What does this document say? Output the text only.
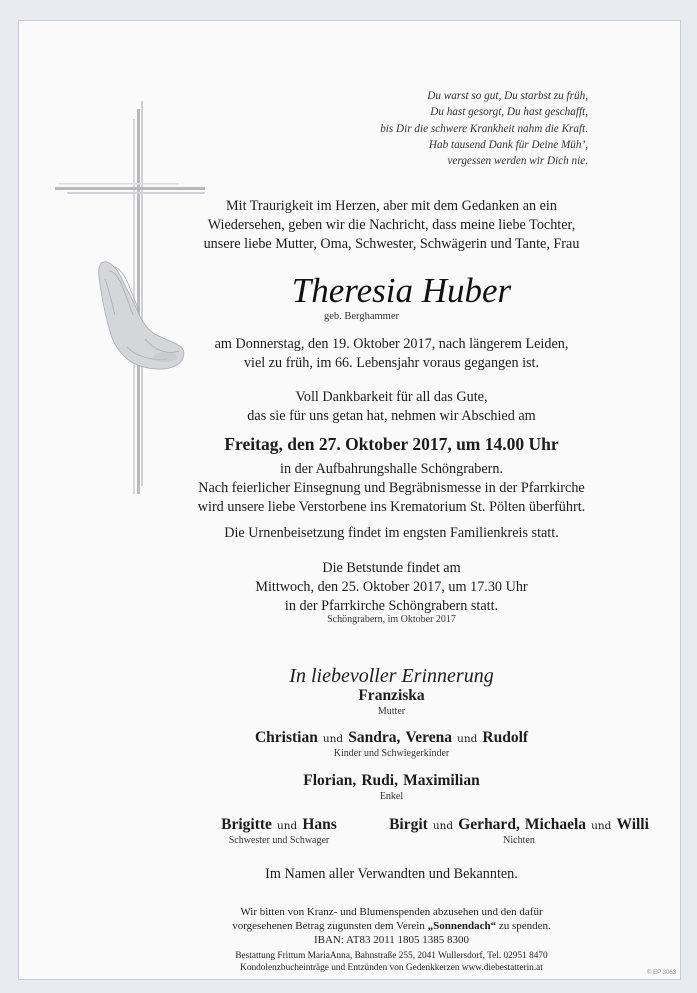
Du warst so gut, Du starbst zu früh,
Du hast gesorgt, Du hast geschafft,
bis Dir die schwere Krankheit nahm die Kraft.
Hab tausend Dank für Deine Müh’,
vergessen werden wir Dich nie.
Mit Traurigkeit im Herzen, aber mit dem Gedanken an ein
Wiedersehen, geben wir die Nachricht, dass meine liebe Tochter,
unsere liebe Mutter, Oma, Schwester, Schwägerin und Tante, Frau
Theresia Huber
geb. Berghammer
am Donnerstag, den 19. Oktober 2017, nach längerem Leiden,
viel zu früh, im 66. Lebensjahr voraus gegangen ist.
Voll Dankbarkeit für all das Gute,
das sie für uns getan hat, nehmen wir Abschied am
Freitag, den 27. Oktober 2017, um 14.00 Uhr
in der Aufbahrungshalle Schöngrabern.
Nach feierlicher Einsegnung und Begräbnismesse in der Pfarrkirche
wird unsere liebe Verstorbene ins Krematorium St. Pölten überführt.
Die Urnenbeisetzung findet im engsten Familienkreis statt.
Die Betstunde findet am
Mittwoch, den 25. Oktober 2017, um 17.30 Uhr
in der Pfarrkirche Schöngrabern statt.
Schöngrabern, im Oktober 2017
In liebevoller Erinnerung
Franziska
Mutter
Christian und Sandra, Verena und Rudolf
Kinder und Schwiegerkinder
Florian, Rudi, Maximilian
Enkel
Brigitte und Hans
Schwester und Schwager
Birgit und Gerhard, Michaela und Willi
Nichten
Im Namen aller Verwandten und Bekannten.
Wir bitten von Kranz- und Blumenspenden abzusehen und den dafür
vorgesehenen Betrag zugunsten dem Verein „Sonnendach“ zu spenden.
IBAN: AT83 2011 1805 1385 8300
Bestattung Frittum MariaAnna, Bahnstraße 255, 2041 Wullersdorf, Tel. 02951 8470
Kondolenzbucheinträge und Entzünden von Gedenkkerzen www.diebestatterin.at
© EP 3063
